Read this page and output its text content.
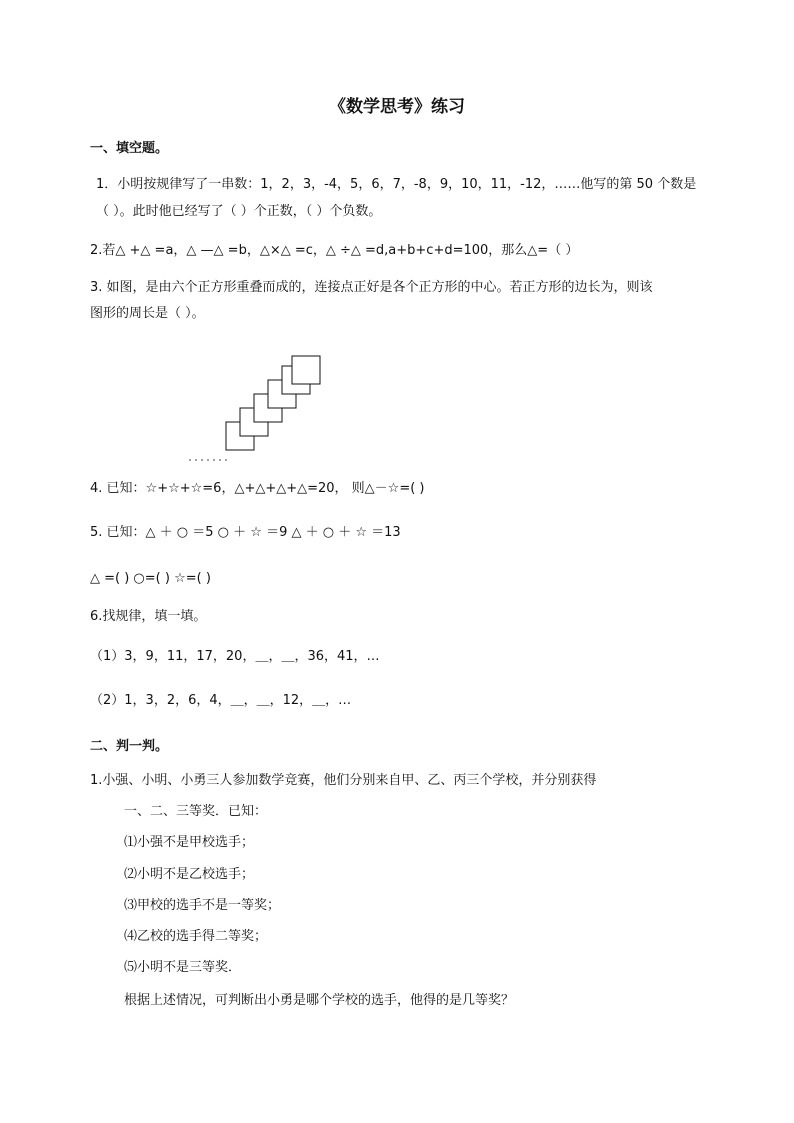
《数学思考》练习
一、填空题。
1．小明按规律写了一串数：1，2，3，-4，5，6，7，-8，9，10，11，-12，……他写的第 50 个数是
（ ）。此时他已经写了（ ）个正数，（ ）个负数。
2.若△ +△ =a，△ —△ =b，△×△ =c，△ ÷△ =d,a+b+c+d=100，那么△=（ ）
3. 如图，是由六个正方形重叠而成的，连接点正好是各个正方形的中心。若正方形的边长为，则该
图形的周长是（ ）。
4. 已知：☆+☆+☆=6，△+△+△+△=20， 则△－☆=( )
5. 已知：△ ＋ ○ ＝5 ○ ＋ ☆ ＝9 △ ＋ ○ ＋ ☆ ＝13
△ =( ) ○=( ) ☆=( )
6.找规律，填一填。
（1）3，9，11，17，20，＿，＿，36，41，…
（2）1，3，2，6，4，＿，＿，12，＿，…
二、判一判。
1.小强、小明、小勇三人参加数学竞赛，他们分别来自甲、乙、丙三个学校，并分别获得
一、二、三等奖．已知：
⑴小强不是甲校选手；
⑵小明不是乙校选手；
⑶甲校的选手不是一等奖；
⑷乙校的选手得二等奖；
⑸小明不是三等奖．
根据上述情况，可判断出小勇是哪个学校的选手，他得的是几等奖？
